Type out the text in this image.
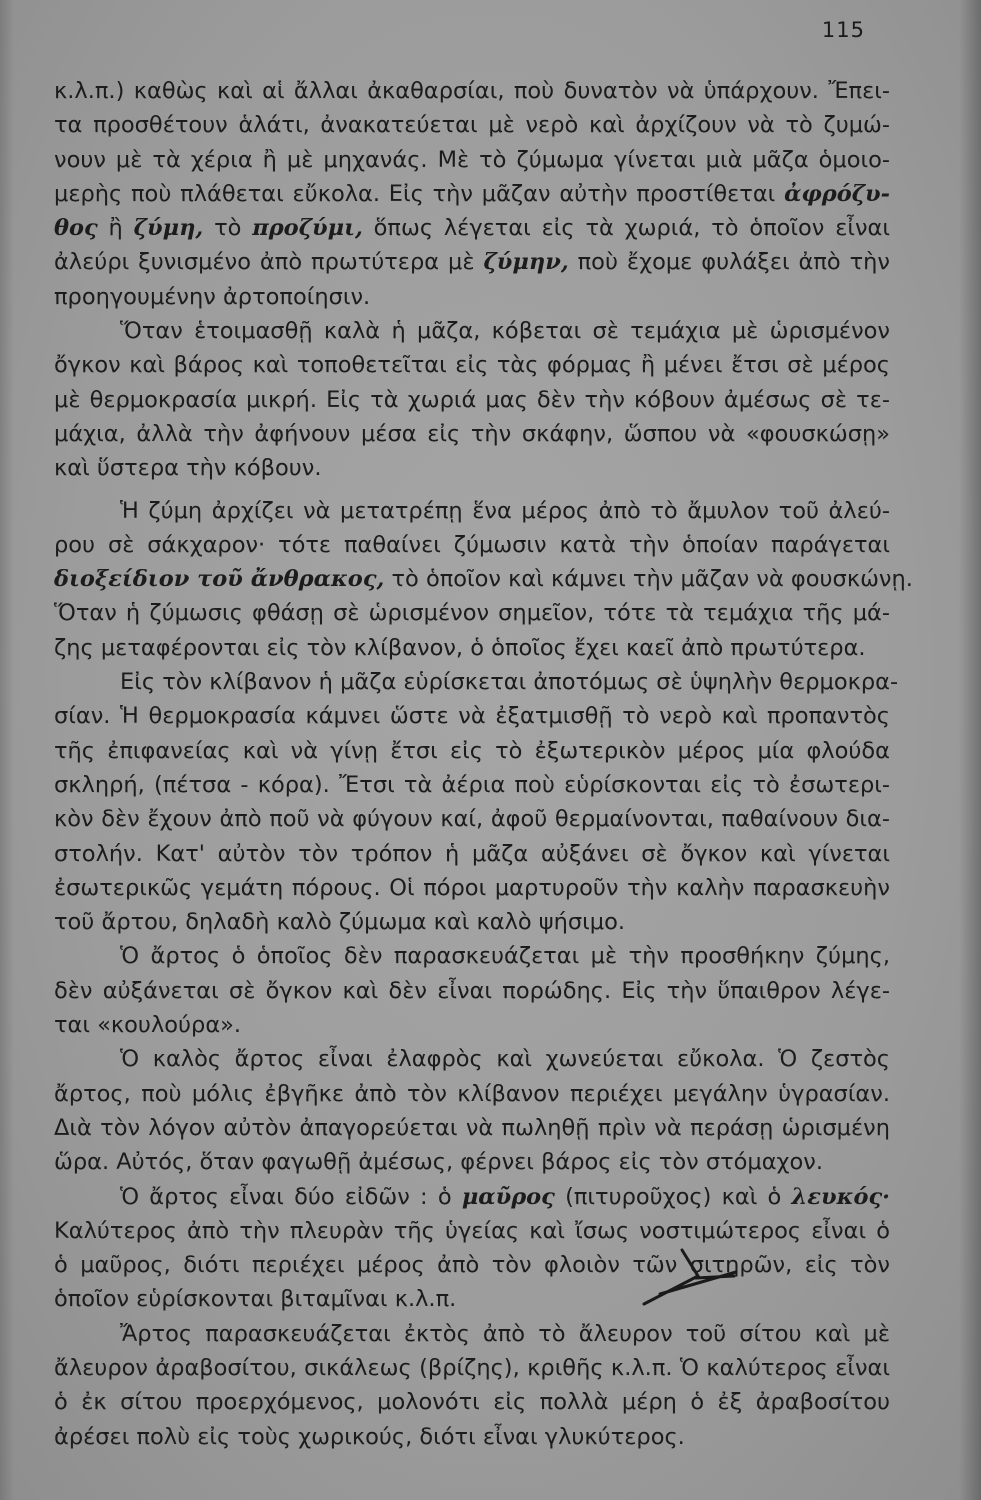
115
κ.λ.π.) καθὼς καὶ αἱ ἄλλαι ἀκαθαρσίαι, ποὺ δυνατὸν νὰ ὑπάρχουν. Ἔπει-
τα προσθέτουν ἁλάτι, ἀνακατεύεται μὲ νερὸ καὶ ἀρχίζουν νὰ τὸ ζυμώ-
νουν μὲ τὰ χέρια ἢ μὲ μηχανάς. Μὲ τὸ ζύμωμα γίνεται μιὰ μᾶζα ὁμοιο-
μερὴς ποὺ πλάθεται εὔκολα. Εἰς τὴν μᾶζαν αὐτὴν προστίθεται ἀφρόζυ-
θος ἢ ζύμη, τὸ προζύμι, ὅπως λέγεται εἰς τὰ χωριά, τὸ ὁποῖον εἶναι
ἀλεύρι ξυνισμένο ἀπὸ πρωτύτερα μὲ ζύμην, ποὺ ἔχομε φυλάξει ἀπὸ τὴν
προηγουμένην ἀρτοποίησιν.
Ὅταν ἑτοιμασθῇ καλὰ ἡ μᾶζα, κόβεται σὲ τεμάχια μὲ ὡρισμένον
ὄγκον καὶ βάρος καὶ τοποθετεῖται εἰς τὰς φόρμας ἢ μένει ἔτσι σὲ μέρος
μὲ θερμοκρασία μικρή. Εἰς τὰ χωριά μας δὲν τὴν κόβουν ἀμέσως σὲ τε-
μάχια, ἀλλὰ τὴν ἀφήνουν μέσα εἰς τὴν σκάφην, ὥσπου νὰ «φουσκώσῃ»
καὶ ὕστερα τὴν κόβουν.
Ἡ ζύμη ἀρχίζει νὰ μετατρέπῃ ἕνα μέρος ἀπὸ τὸ ἄμυλον τοῦ ἀλεύ-
ρου σὲ σάκχαρον· τότε παθαίνει ζύμωσιν κατὰ τὴν ὁποίαν παράγεται
διοξείδιον τοῦ ἄνθρακος, τὸ ὁποῖον καὶ κάμνει τὴν μᾶζαν νὰ φουσκώνῃ.
Ὅταν ἡ ζύμωσις φθάσῃ σὲ ὡρισμένον σημεῖον, τότε τὰ τεμάχια τῆς μά-
ζης μεταφέρονται εἰς τὸν κλίβανον, ὁ ὁποῖος ἔχει καεῖ ἀπὸ πρωτύτερα.
Εἰς τὸν κλίβανον ἡ μᾶζα εὑρίσκεται ἀποτόμως σὲ ὑψηλὴν θερμοκρα-
σίαν. Ἡ θερμοκρασία κάμνει ὥστε νὰ ἐξατμισθῇ τὸ νερὸ καὶ προπαντὸς
τῆς ἐπιφανείας καὶ νὰ γίνῃ ἔτσι εἰς τὸ ἐξωτερικὸν μέρος μία φλούδα
σκληρή, (πέτσα - κόρα). Ἔτσι τὰ ἀέρια ποὺ εὑρίσκονται εἰς τὸ ἐσωτερι-
κὸν δὲν ἔχουν ἀπὸ ποῦ νὰ φύγουν καί, ἀφοῦ θερμαίνονται, παθαίνουν δια-
στολήν. Κατ' αὐτὸν τὸν τρόπον ἡ μᾶζα αὐξάνει σὲ ὄγκον καὶ γίνεται
ἐσωτερικῶς γεμάτη πόρους. Οἱ πόροι μαρτυροῦν τὴν καλὴν παρασκευὴν
τοῦ ἄρτου, δηλαδὴ καλὸ ζύμωμα καὶ καλὸ ψήσιμο.
Ὁ ἄρτος ὁ ὁποῖος δὲν παρασκευάζεται μὲ τὴν προσθήκην ζύμης,
δὲν αὐξάνεται σὲ ὄγκον καὶ δὲν εἶναι πορώδης. Εἰς τὴν ὕπαιθρον λέγε-
ται «κουλούρα».
Ὁ καλὸς ἄρτος εἶναι ἐλαφρὸς καὶ χωνεύεται εὔκολα. Ὁ ζεστὸς
ἄρτος, ποὺ μόλις ἐβγῆκε ἀπὸ τὸν κλίβανον περιέχει μεγάλην ὑγρασίαν.
Διὰ τὸν λόγον αὐτὸν ἀπαγορεύεται νὰ πωληθῇ πρὶν νὰ περάσῃ ὡρισμένη
ὥρα. Αὐτός, ὅταν φαγωθῇ ἀμέσως, φέρνει βάρος εἰς τὸν στόμαχον.
Ὁ ἄρτος εἶναι δύο εἰδῶν : ὁ μαῦρος (πιτυροῦχος) καὶ ὁ λευκός·
Καλύτερος ἀπὸ τὴν πλευρὰν τῆς ὑγείας καὶ ἴσως νοστιμώτερος εἶναι ὁ
ὁ μαῦρος, διότι περιέχει μέρος ἀπὸ τὸν φλοιὸν τῶν σιτηρῶν, εἰς τὸν
ὁποῖον εὑρίσκονται βιταμῖναι κ.λ.π.
Ἄρτος παρασκευάζεται ἐκτὸς ἀπὸ τὸ ἄλευρον τοῦ σίτου καὶ μὲ
ἄλευρον ἀραβοσίτου, σικάλεως (βρίζης), κριθῆς κ.λ.π. Ὁ καλύτερος εἶναι
ὁ ἐκ σίτου προερχόμενος, μολονότι εἰς πολλὰ μέρη ὁ ἐξ ἀραβοσίτου
ἀρέσει πολὺ εἰς τοὺς χωρικούς, διότι εἶναι γλυκύτερος.
